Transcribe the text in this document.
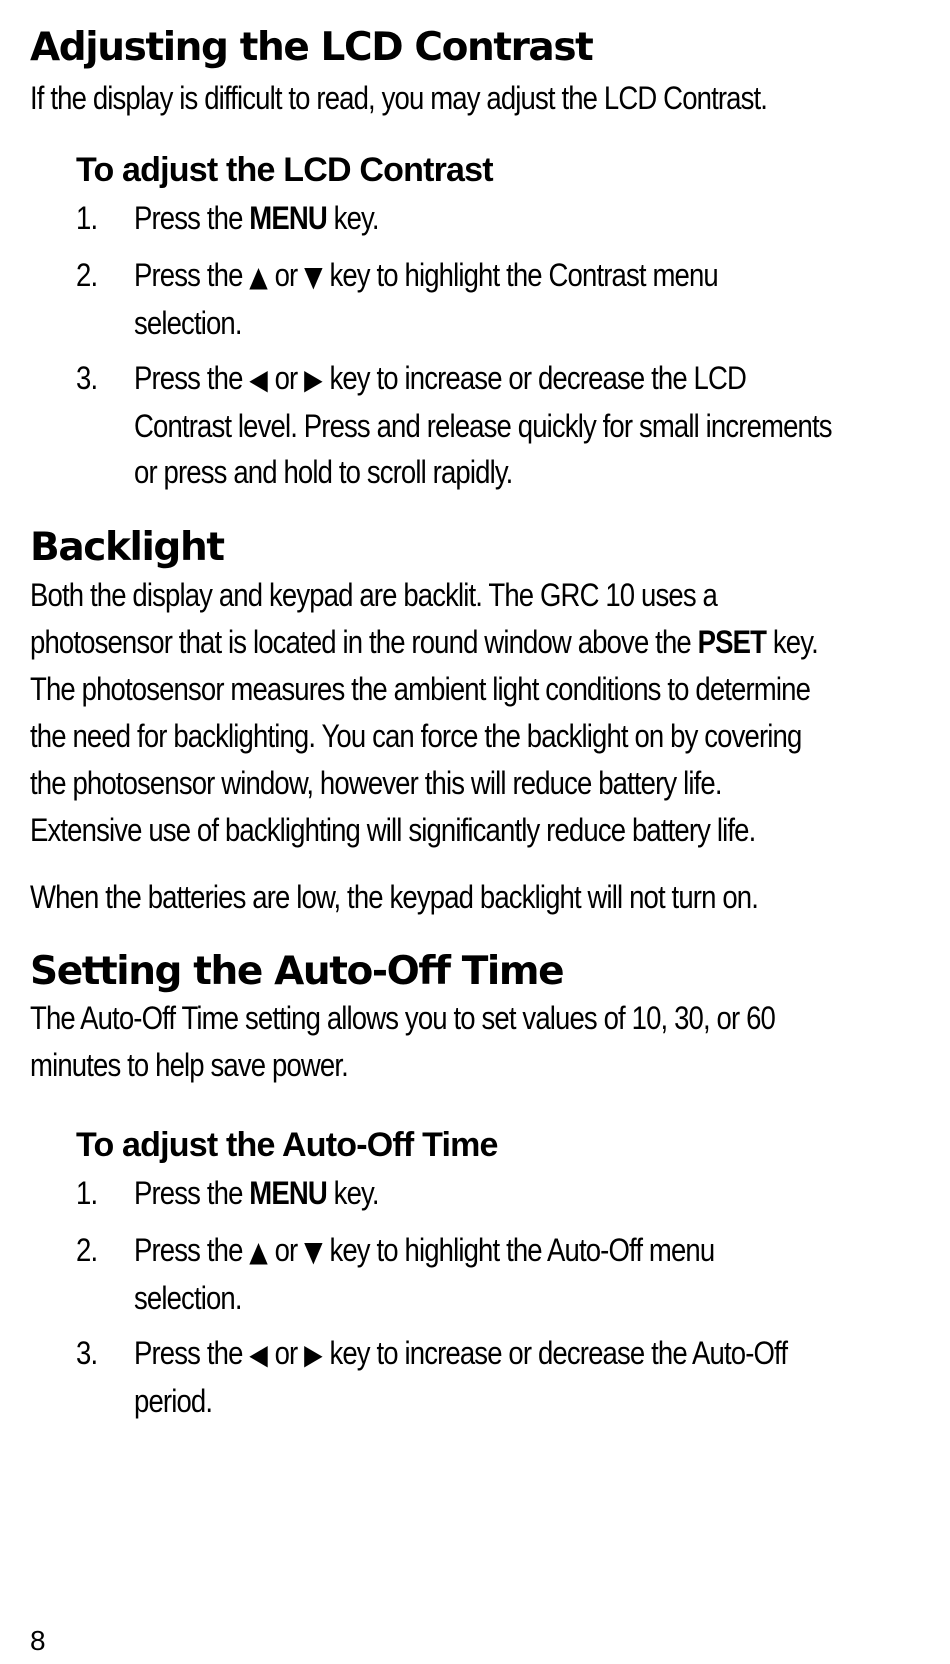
Adjusting the LCD Contrast

If the display is difficult to read, you may adjust the LCD Contrast.

To adjust the LCD Contrast
1. Press the MENU key.
2. Press the ▲ or ▼ key to highlight the Contrast menu
selection.
3. Press the ◀ or ▶ key to increase or decrease the LCD
Contrast level. Press and release quickly for small increments
or press and hold to scroll rapidly.
Backlight
Both the display and keypad are backlit. The GRC 10 uses a
photosensor that is located in the round window above the PSET key.
The photosensor measures the ambient light conditions to determine
the need for backlighting. You can force the backlight on by covering
the photosensor window, however this will reduce battery life.
Extensive use of backlighting will significantly reduce battery life.

When the batteries are low, the keypad backlight will not turn on.

Setting the Auto-Off Time
The Auto-Off Time setting allows you to set values of 10, 30, or 60
minutes to help save power.
To adjust the Auto-Off Time
1. Press the MENU key.
2. Press the ▲ or ▼ key to highlight the Auto-Off menu
selection.
3. Press the ◀ or ▶ key to increase or decrease the Auto-Off
period.

8
